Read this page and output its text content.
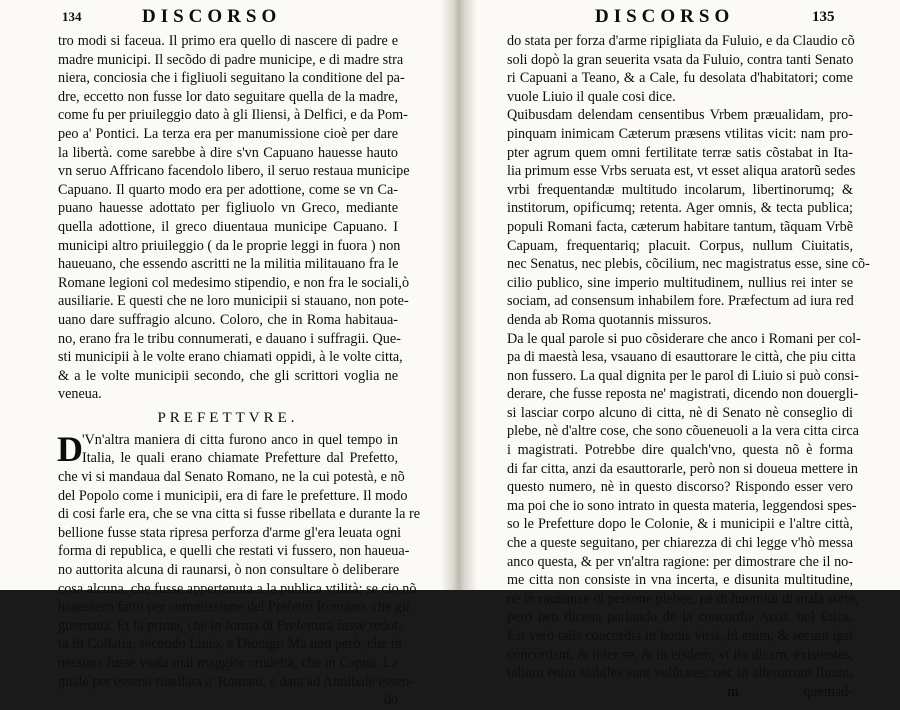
134	DISCORSO
tro modi si faceua. Il primo era quello di nascere di padre e
madre municipi. Il secõdo di padre municipe, e di madre stra
niera, conciosia che i figliuoli seguitano la conditione del pa-
dre, eccetto non fusse lor dato seguitare quella de la madre,
come fu per priuileggio dato à gli Iliensi, à Delfici, e da Pom-
peo a' Pontici. La terza era per manumissione cioè per dare
la libertà. come sarebbe à dire s'vn Capuano hauesse hauto
vn seruo Affricano facendolo libero, il seruo restaua municipe
Capuano. Il quarto modo era per adottione, come se vn Ca-
puano hauesse adottato per figliuolo vn Greco, mediante
quella adottione, il greco diuentaua municipe Capuano. I
municipi altro priuileggio ( da le proprie leggi in fuora ) non
haueuano, che essendo ascritti ne la militia militauano fra le
Romane legioni col medesimo stipendio, e non fra le sociali,ò
ausiliarie. E questi che ne loro municipii si stauano, non pote-
uano dare suffragio alcuno. Coloro, che in Roma habitaua-
no, erano fra le tribu connumerati, e dauano i suffragii. Que-
sti municipii à le volte erano chiamati oppidi, à le volte citta,
& a le volte municipii secondo, che gli scrittori voglia ne
veneua.
PREFETTVRE.
D 'Vn'altra maniera di citta furono anco in quel tempo in
Italia, le quali erano chiamate Prefetture dal Prefetto,
che vi si mandaua dal Senato Romano, ne la cui potestà, e nõ
del Popolo come i municipii, era di fare le prefetture. Il modo
di cosi farle era, che se vna citta si fusse ribellata e durante la re
bellione fusse stata ripresa perforza d'arme gl'era leuata ogni
forma di republica, e quelli che restati vi fussero, non haueua-
no auttorita alcuna di raunarsi, ò non consultare ò deliberare
cosa alcuna, che fusse appertenuta a la publica vtilità; se cio nõ
hauessero fatto per commissione del Prefetto Romano, che gli
guernaua. Et la prima, che in forma di Prefettura fusse redot-
ta fu Collatia, secondo Liuio, e Dionigi: Ma non però, che in
nessuna fusse vsata mai maggior crudeltà, che in Capua. La
quale per essersi ribellata a' Romani, e data ad Annibale essen-
do
DISCORSO	135
do stata per forza d'arme ripigliata da Fuluio, e da Claudio cõ
soli dopò la gran seuerita vsata da Fuluio, contra tanti Senato
ri Capuani a Teano, & a Cale, fu desolata d'habitatori; come
vuole Liuio il quale cosi dice.
Quibusdam delendam censentibus Vrbem præualidam, pro-
pinquam inimicam Cæterum præsens vtilitas vicit: nam pro-
pter agrum quem omni fertilitate terræ satis cõstabat in Ita-
lia primum esse Vrbs seruata est, vt esset aliqua aratorũ sedes
vrbi frequentandæ multitudo incolarum, libertinorumq; &
institorum, opificumq; retenta. Ager omnis, & tecta publica;
populi Romani facta, cæterum habitare tantum, tãquam Vrbẽ
Capuam, frequentariq; placuit. Corpus, nullum Ciuitatis,
nec Senatus, nec plebis, cõcilium, nec magistratus esse, sine cõ-
cilio publico, sine imperio multitudinem, nullius rei inter se
sociam, ad consensum inhabilem fore. Præfectum ad iura red
denda ab Roma quotannis missuros.
Da le qual parole si puo cõsiderare che anco i Romani per col-
pa di maestà lesa, vsauano di esauttorare le città, che piu citta
non fussero. La qual dignita per le parol di Liuio si può consi-
derare, che fusse reposta ne' magistrati, dicendo non douergli-
si lasciar corpo alcuno di citta, nè di Senato nè conseglio di
plebe, nè d'altre cose, che sono cõueneuoli a la vera citta circa
i magistrati. Potrebbe dire qualch'vno, questa nõ è forma
di far citta, anzi da esauttorarle, però non si doueua mettere in
questo numero, nè in questo discorso? Rispondo esser vero
ma poi che io sono intrato in questa materia, leggendosi spes-
so le Prefetture dopo le Colonie, & i municipii e l'altre città,
che a queste seguitano, per chiarezza di chi legge v'hò messa
anco questa, & per vn'altra ragione: per dimostrare che il no-
me citta non consiste in vna incerta, e disunita multitudine,
nè in raunanze di persone plebee, nè di huomiui di mala sorte,
però ben diceua parlando de la concordia Arist. nel Etica.
Est verò talis concordia in bonis viris, hi enim, & secum ipsi
concordant, & inter se, & in eisdem, vt ita dicam, existentes,
talium enim stabiles sunt volũtates: nec in alterutrum fluunt,
m	quemad-
